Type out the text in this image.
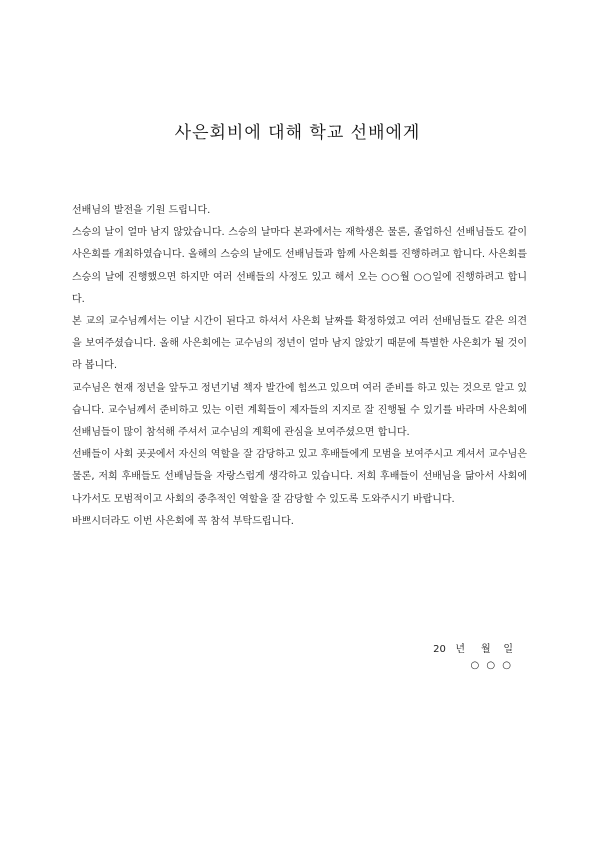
사은회비에 대해 학교 선배에게

선배님의 발전을 기원 드립니다.

스승의 날이 얼마 남지 않았습니다. 스승의 날마다 본과에서는 재학생은 물론, 졸업하신 선배님들도 같이 사은회를 개최하였습니다. 올해의 스승의 날에도 선배님들과 함께 사은회를 진행하려고 합니다. 사은회를 스승의 날에 진행했으면 하지만 여러 선배들의 사정도 있고 해서 오는 ○○월 ○○일에 진행하려고 합니다.

본 교의 교수님께서는 이날 시간이 된다고 하셔서 사은회 날짜를 확정하였고 여러 선배님들도 같은 의견을 보여주셨습니다. 올해 사은회에는 교수님의 정년이 얼마 남지 않았기 때문에 특별한 사은회가 될 것이라 봅니다.

교수님은 현재 정년을 앞두고 정년기념 책자 발간에 힘쓰고 있으며 여러 준비를 하고 있는 것으로 알고 있습니다. 교수님께서 준비하고 있는 이런 계획들이 제자들의 지지로 잘 진행될 수 있기를 바라며 사은회에 선배님들이 많이 참석해 주셔서 교수님의 계획에 관심을 보여주셨으면 합니다.

선배들이 사회 곳곳에서 자신의 역할을 잘 감당하고 있고 후배들에게 모범을 보여주시고 계셔서 교수님은 물론, 저희 후배들도 선배님들을 자랑스럽게 생각하고 있습니다. 저희 후배들이 선배님을 닮아서 사회에 나가서도 모범적이고 사회의 중추적인 역할을 잘 감당할 수 있도록 도와주시기 바랍니다.

바쁘시더라도 이번 사은회에 꼭 참석 부탁드립니다.

20   년     월    일
○ ○ ○
